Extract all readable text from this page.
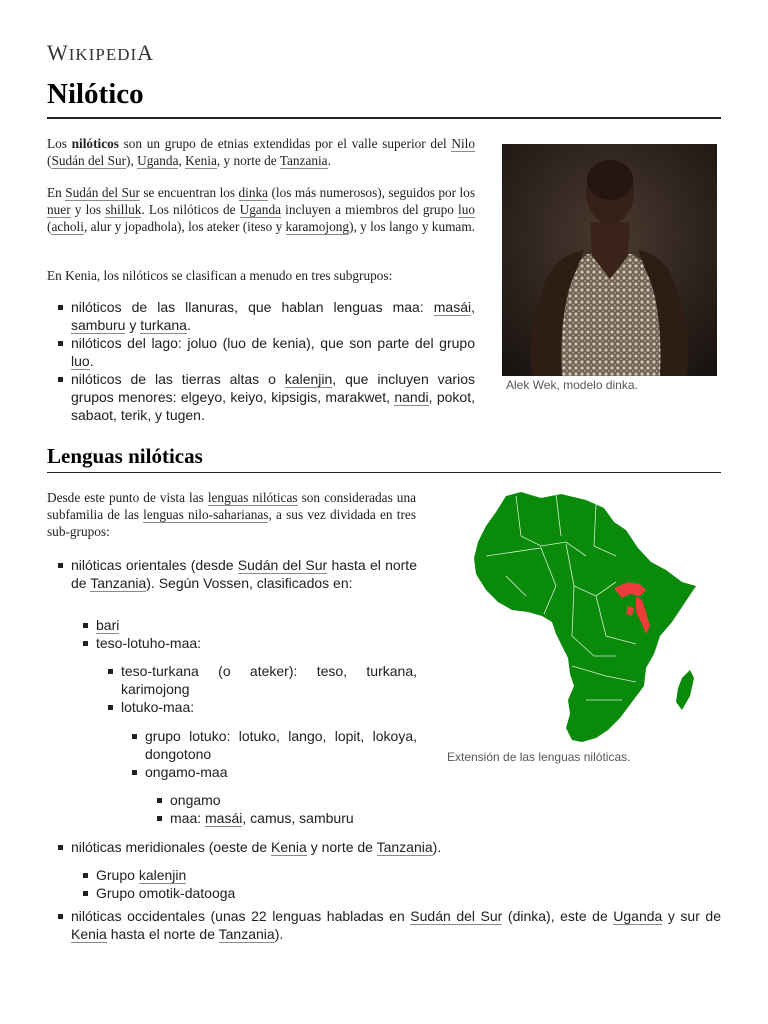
WIKIPEDIA
Nilótico

Los nilóticos son un grupo de etnias extendidas por el valle superior del Nilo (Sudán del Sur), Uganda, Kenia, y norte de Tanzania.

En Sudán del Sur se encuentran los dinka (los más numerosos), seguidos por los nuer y los shilluk. Los nilóticos de Uganda incluyen a miembros del grupo luo (acholi, alur y jopadhola), los ateker (iteso y karamojong), y los lango y kumam.

En Kenia, los nilóticos se clasifican a menudo en tres subgrupos:

nilóticos de las llanuras, que hablan lenguas maa: masái, samburu y turkana.
nilóticos del lago: joluo (luo de kenia), que son parte del grupo luo.
nilóticos de las tierras altas o kalenjin, que incluyen varios grupos menores: elgeyo, keiyo, kipsigis, marakwet, nandi, pokot, sabaot, terik, y tugen.

Alek Wek, modelo dinka.

Lenguas nilóticas

Desde este punto de vista las lenguas nilóticas son consideradas una subfamilia de las lenguas nilo-saharianas, a sus vez dividada en tres sub-grupos:

Extensión de las lenguas nilóticas.

nilóticas orientales (desde Sudán del Sur hasta el norte de Tanzania). Según Vossen, clasificados en:
bari
teso-lotuho-maa:
teso-turkana (o ateker): teso, turkana, karimojong
lotuko-maa:
grupo lotuko: lotuko, lango, lopit, lokoya, dongotono
ongamo-maa
ongamo
maa: masái, camus, samburu
nilóticas meridionales (oeste de Kenia y norte de Tanzania).
Grupo kalenjin
Grupo omotik-datooga
nilóticas occidentales (unas 22 lenguas habladas en Sudán del Sur (dinka), este de Uganda y sur de Kenia hasta el norte de Tanzania).
